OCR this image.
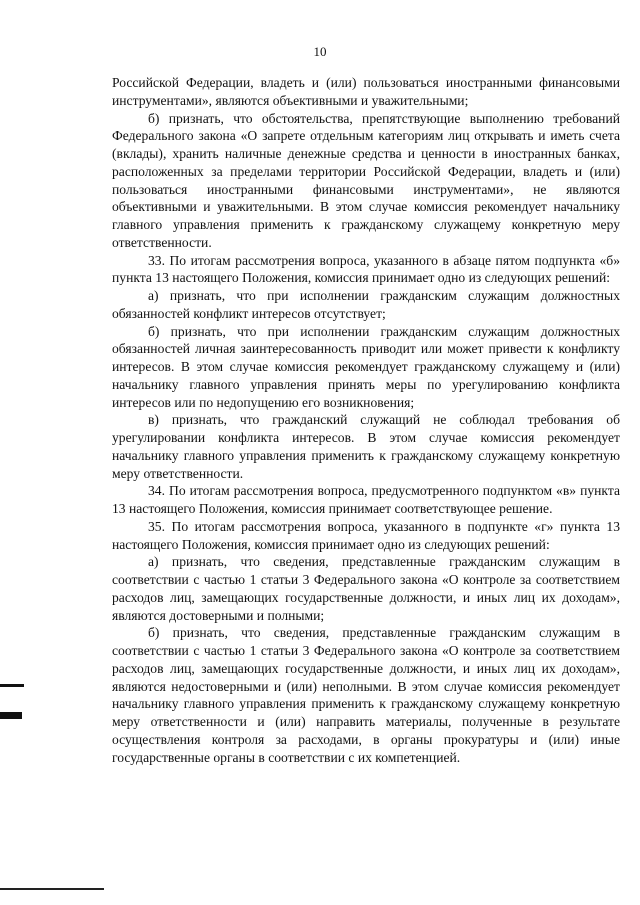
10

Российской Федерации, владеть и (или) пользоваться иностранными финансовыми инструментами», являются объективными и уважительными;

б) признать, что обстоятельства, препятствующие выполнению требований Федерального закона «О запрете отдельным категориям лиц открывать и иметь счета (вклады), хранить наличные денежные средства и ценности в иностранных банках, расположенных за пределами территории Российской Федерации, владеть и (или) пользоваться иностранными финансовыми инструментами», не являются объективными и уважительными. В этом случае комиссия рекомендует начальнику главного управления применить к гражданскому служащему конкретную меру ответственности.

33. По итогам рассмотрения вопроса, указанного в абзаце пятом подпункта «б» пункта 13 настоящего Положения, комиссия принимает одно из следующих решений:

а) признать, что при исполнении гражданским служащим должностных обязанностей конфликт интересов отсутствует;

б) признать, что при исполнении гражданским служащим должностных обязанностей личная заинтересованность приводит или может привести к конфликту интересов. В этом случае комиссия рекомендует гражданскому служащему и (или) начальнику главного управления принять меры по урегулированию конфликта интересов или по недопущению его возникновения;

в) признать, что гражданский служащий не соблюдал требования об урегулировании конфликта интересов. В этом случае комиссия рекомендует начальнику главного управления применить к гражданскому служащему конкретную меру ответственности.

34. По итогам рассмотрения вопроса, предусмотренного подпунктом «в» пункта 13 настоящего Положения, комиссия принимает соответствующее решение.

35. По итогам рассмотрения вопроса, указанного в подпункте «г» пункта 13 настоящего Положения, комиссия принимает одно из следующих решений:

а) признать, что сведения, представленные гражданским служащим в соответствии с частью 1 статьи 3 Федерального закона «О контроле за соответствием расходов лиц, замещающих государственные должности, и иных лиц их доходам», являются достоверными и полными;

б) признать, что сведения, представленные гражданским служащим в соответствии с частью 1 статьи 3 Федерального закона «О контроле за соответствием расходов лиц, замещающих государственные должности, и иных лиц их доходам», являются недостоверными и (или) неполными. В этом случае комиссия рекомендует начальнику главного управления применить к гражданскому служащему конкретную меру ответственности и (или) направить материалы, полученные в результате осуществления контроля за расходами, в органы прокуратуры и (или) иные государственные органы в соответствии с их компетенцией.
